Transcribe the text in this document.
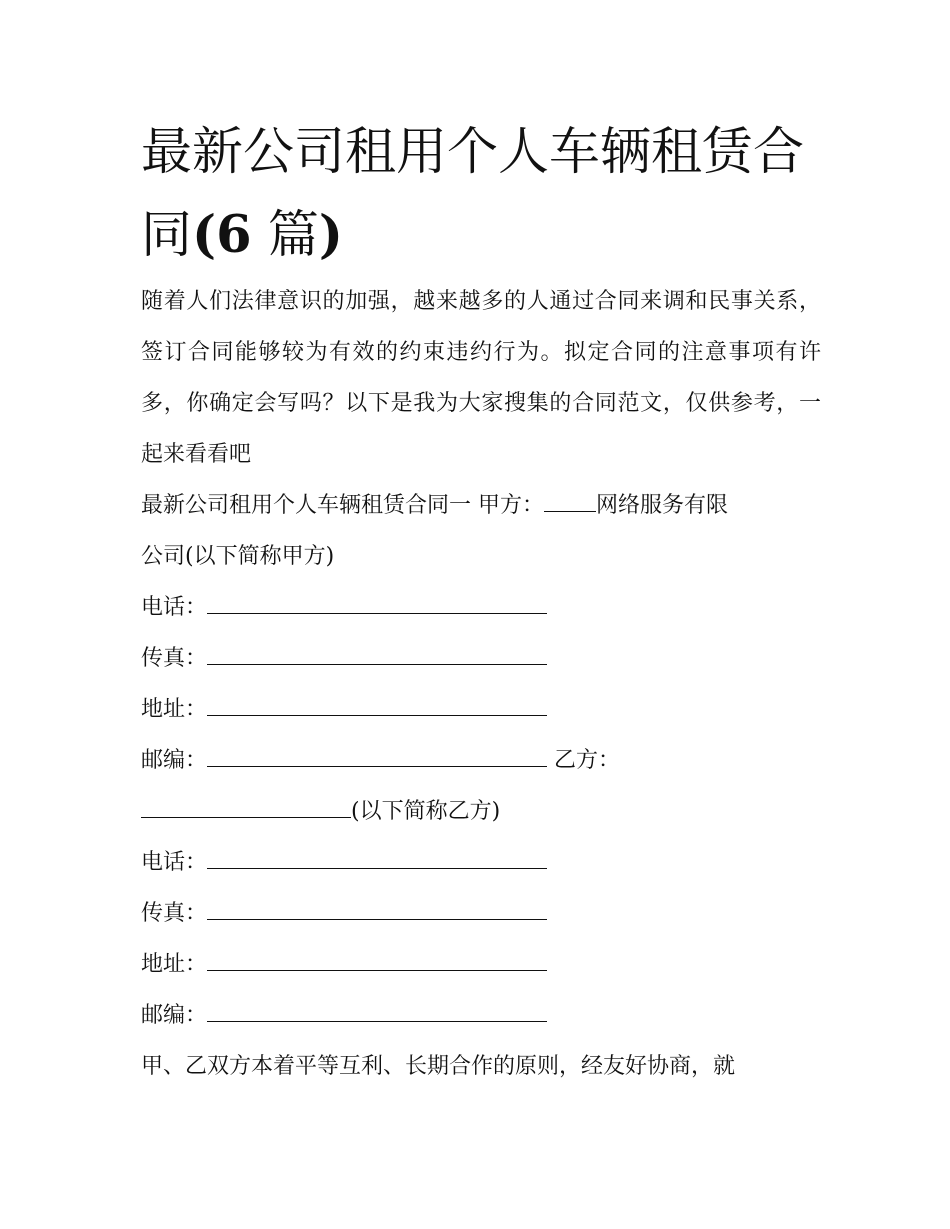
最新公司租用个人车辆租赁合
同(6 篇)

随着人们法律意识的加强，越来越多的人通过合同来调和民事关系，签订合同能够较为有效的约束违约行为。拟定合同的注意事项有许多，你确定会写吗？以下是我为大家搜集的合同范文，仅供参考，一起来看看吧

最新公司租用个人车辆租赁合同一 甲方： 网络服务有限
公司(以下简称甲方)

电话：
传真：
地址：
邮编：	乙方：
(以下简称乙方)
电话：
传真：
地址：
邮编：

甲、乙双方本着平等互利、长期合作的原则，经友好协商，就
